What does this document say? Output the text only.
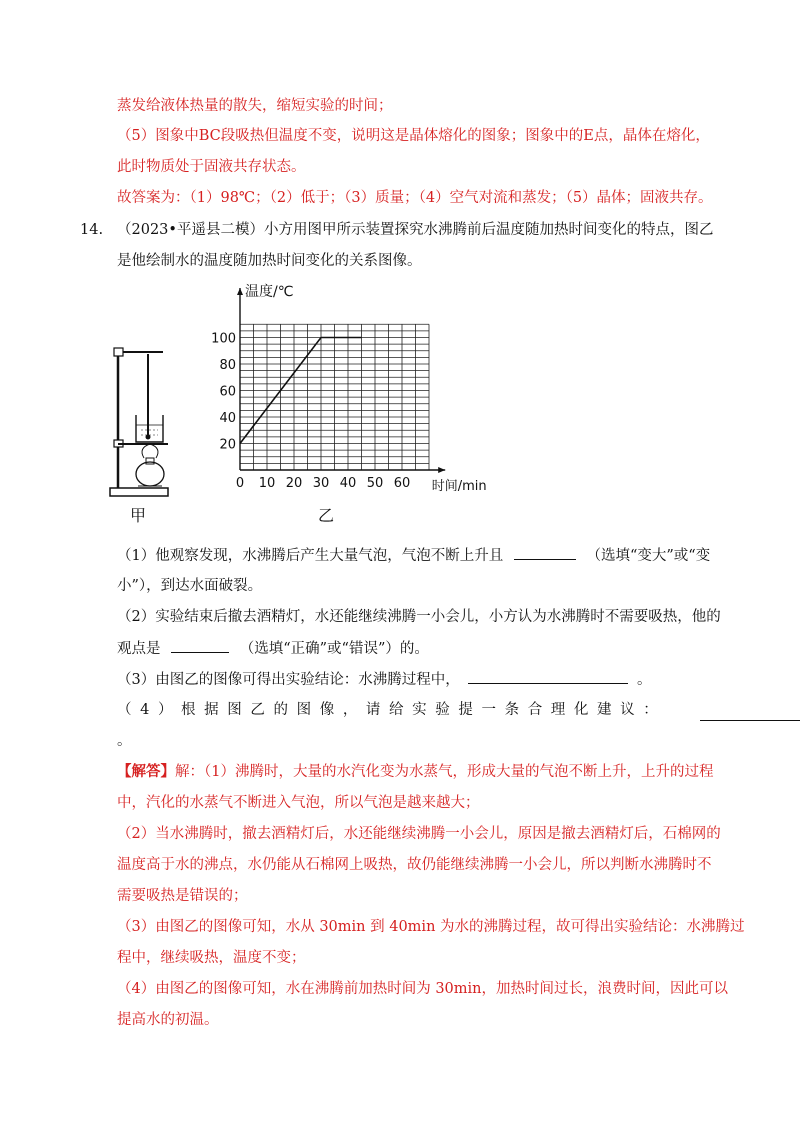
蒸发给液体热量的散失，缩短实验的时间；
（5）图象中BC段吸热但温度不变，说明这是晶体熔化的图象；图象中的E点，晶体在熔化，
此时物质处于固液共存状态。
故答案为：（1）98℃；（2）低于；（3）质量；（4）空气对流和蒸发；（5）晶体；固液共存。
14. （2023•平遥县二模）小方用图甲所示装置探究水沸腾前后温度随加热时间变化的特点，图乙
是他绘制水的温度随加热时间变化的关系图像。
甲
0 10 20 30 40 50 60
20
40
60
80
100
温度/℃
时间/min
乙
（1）他观察发现，水沸腾后产生大量气泡，气泡不断上升且	（选填“变大”或“变
小”），到达水面破裂。
（2）实验结束后撤去酒精灯，水还能继续沸腾一小会儿，小方认为水沸腾时不需要吸热，他的
观点是	（选填“正确”或“错误”）的。
（3）由图乙的图像可得出实验结论：水沸腾过程中，	。
（ 4 ） 根 据 图 乙 的 图 像 ， 请 给 实 验 提 一 条 合 理 化 建 议 ：
。
【解答】解：（1）沸腾时，大量的水汽化变为水蒸气，形成大量的气泡不断上升，上升的过程
中，汽化的水蒸气不断进入气泡，所以气泡是越来越大；
（2）当水沸腾时，撤去酒精灯后，水还能继续沸腾一小会儿，原因是撤去酒精灯后，石棉网的
温度高于水的沸点，水仍能从石棉网上吸热，故仍能继续沸腾一小会儿，所以判断水沸腾时不
需要吸热是错误的；
（3）由图乙的图像可知，水从 30min 到 40min 为水的沸腾过程，故可得出实验结论：水沸腾过
程中，继续吸热，温度不变；
（4）由图乙的图像可知，水在沸腾前加热时间为 30min，加热时间过长，浪费时间，因此可以
提高水的初温。
